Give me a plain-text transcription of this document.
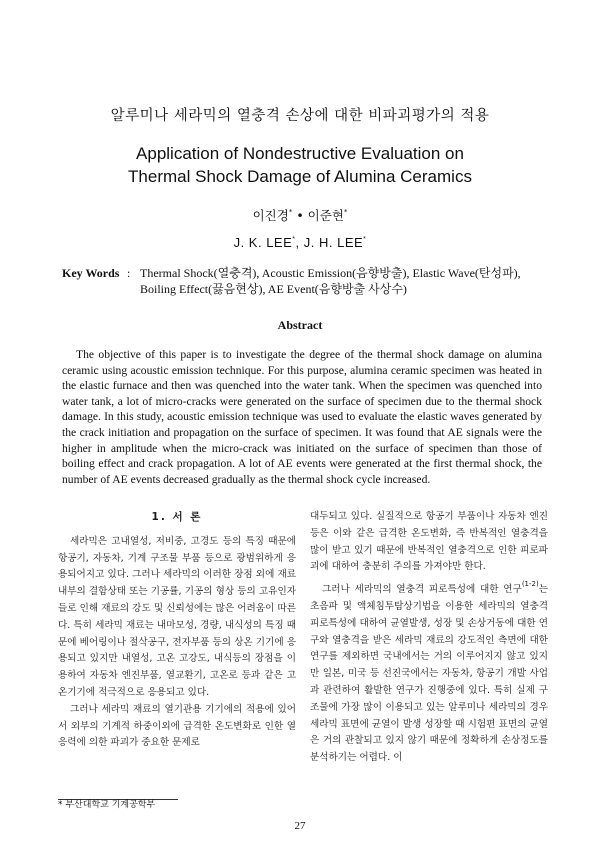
알루미나 세라믹의 열충격 손상에 대한 비파괴평가의 적용
Application of Nondestructive Evaluation on
Thermal Shock Damage of Alumina Ceramics
이진경* • 이준현*
J. K. LEE*, J. H. LEE*
Key Words : Thermal Shock(열충격), Acoustic Emission(음향방출), Elastic Wave(탄성파), Boiling Effect(끓음현상), AE Event(음향방출 사상수)
Abstract
The objective of this paper is to investigate the degree of the thermal shock damage on alumina ceramic using acoustic emission technique. For this purpose, alumina ceramic specimen was heated in the elastic furnace and then was quenched into the water tank. When the specimen was quenched into water tank, a lot of micro-cracks were generated on the surface of specimen due to the thermal shock damage. In this study, acoustic emission technique was used to evaluate the elastic waves generated by the crack initiation and propagation on the surface of specimen. It was found that AE signals were the higher in amplitude when the micro-crack was initiated on the surface of specimen than those of boiling effect and crack propagation. A lot of AE events were generated at the first thermal shock, the number of AE events decreased gradually as the thermal shock cycle increased.

1. 서 론

세라믹은 고내열성, 저비중, 고경도 등의 특징 때문에 항공기, 자동차, 기계 구조물 부품 등으로 광범위하게 응용되어지고 있다. 그러나 세라믹의 이러한 장점 외에 재료내부의 결함상태 또는 기공률, 기공의 형상 등의 고유인자들로 인해 재료의 강도 및 신뢰성에는 많은 어려움이 따른다. 특히 세라믹 재료는 내마모성, 경량, 내식성의 특징 때문에 베어링이나 절삭공구, 전자부품 등의 상온 기기에 응용되고 있지만 내열성, 고온 고강도, 내식등의 장점을 이용하여 자동차 엔진부품, 열교환기, 고온로 등과 같은 고온기기에 적극적으로 응용되고 있다.

그러나 세라믹 재료의 열기관용 기기에의 적용에 있어서 외부의 기계적 하중이외에 급격한 온도변화로 인한 열응력에 의한 파괴가 중요한 문제로

대두되고 있다. 실질적으로 항공기 부품이나 자동차 엔진 등은 이와 같은 급격한 온도변화, 즉 반복적인 열충격을 많이 받고 있기 때문에 반복적인 열충격으로 인한 피로파괴에 대하여 충분히 주의를 가져야만 한다.

그러나 세라믹의 열충격 피로특성에 대한 연구$^{(1-2)}$는 초음파 및 액체침투탐상기법을 이용한 세라믹의 열충격 피로특성에 대하여 균열발생, 성장 및 손상거동에 대한 연구와 열충격을 받은 세라믹 재료의 강도적인 측면에 대한 연구를 제외하면 국내에서는 거의 이루어지지 않고 있지만 일본, 미국 등 선진국에서는 자동차, 항공기 개발 사업과 관련하여 활발한 연구가 진행중에 있다. 특히 실제 구조물에 가장 많이 이용되고 있는 알루미나 세라믹의 경우 세라믹 표면에 균열이 발생 성장할 때 시험편 표면의 균열은 거의 관찰되고 있지 않기 때문에 정확하게 손상정도를 분석하기는 어렵다. 이

* 부산대학교 기계공학부
27
